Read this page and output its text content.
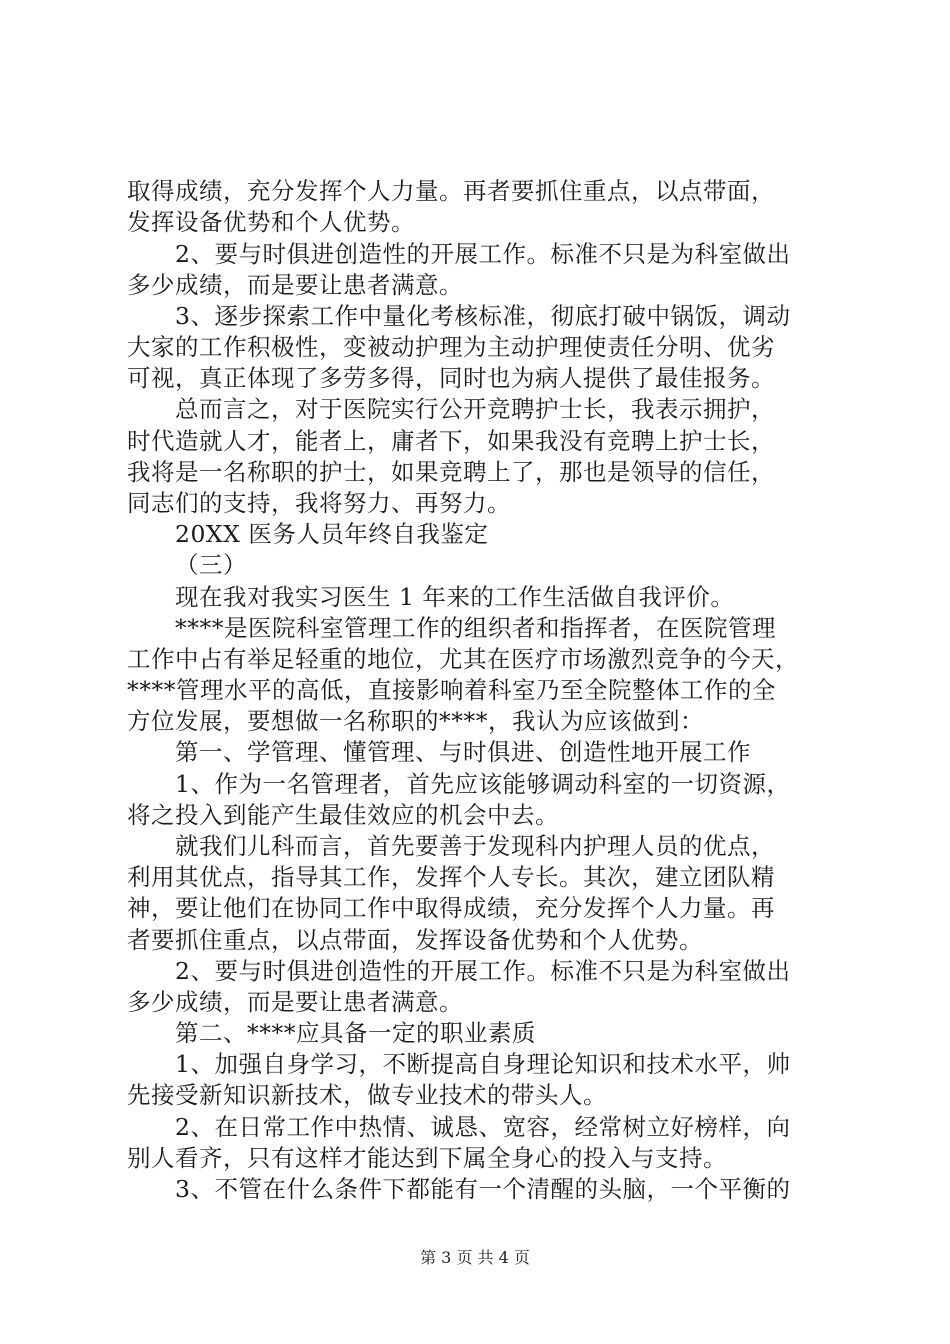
取得成绩，充分发挥个人力量。再者要抓住重点，以点带面，
发挥设备优势和个人优势。
2、要与时俱进创造性的开展工作。标准不只是为科室做出
多少成绩，而是要让患者满意。
3、逐步探索工作中量化考核标准，彻底打破中锅饭，调动
大家的工作积极性，变被动护理为主动护理使责任分明、优劣
可视，真正体现了多劳多得，同时也为病人提供了最佳报务。
总而言之，对于医院实行公开竞聘护士长，我表示拥护，
时代造就人才，能者上，庸者下，如果我没有竞聘上护士长，
我将是一名称职的护士，如果竞聘上了，那也是领导的信任，
同志们的支持，我将努力、再努力。
20XX 医务人员年终自我鉴定
（三）
现在我对我实习医生 1 年来的工作生活做自我评价。
****是医院科室管理工作的组织者和指挥者，在医院管理
工作中占有举足轻重的地位，尤其在医疗市场激烈竞争的今天，
****管理水平的高低，直接影响着科室乃至全院整体工作的全
方位发展，要想做一名称职的****，我认为应该做到：
第一、学管理、懂管理、与时俱进、创造性地开展工作
1、作为一名管理者，首先应该能够调动科室的一切资源，
将之投入到能产生最佳效应的机会中去。
就我们儿科而言，首先要善于发现科内护理人员的优点，
利用其优点，指导其工作，发挥个人专长。其次，建立团队精
神，要让他们在协同工作中取得成绩，充分发挥个人力量。再
者要抓住重点，以点带面，发挥设备优势和个人优势。
2、要与时俱进创造性的开展工作。标准不只是为科室做出
多少成绩，而是要让患者满意。
第二、****应具备一定的职业素质
1、加强自身学习，不断提高自身理论知识和技术水平，帅
先接受新知识新技术，做专业技术的带头人。
2、在日常工作中热情、诚恳、宽容，经常树立好榜样，向
别人看齐，只有这样才能达到下属全身心的投入与支持。
3、不管在什么条件下都能有一个清醒的头脑，一个平衡的
第 3 页 共 4 页
